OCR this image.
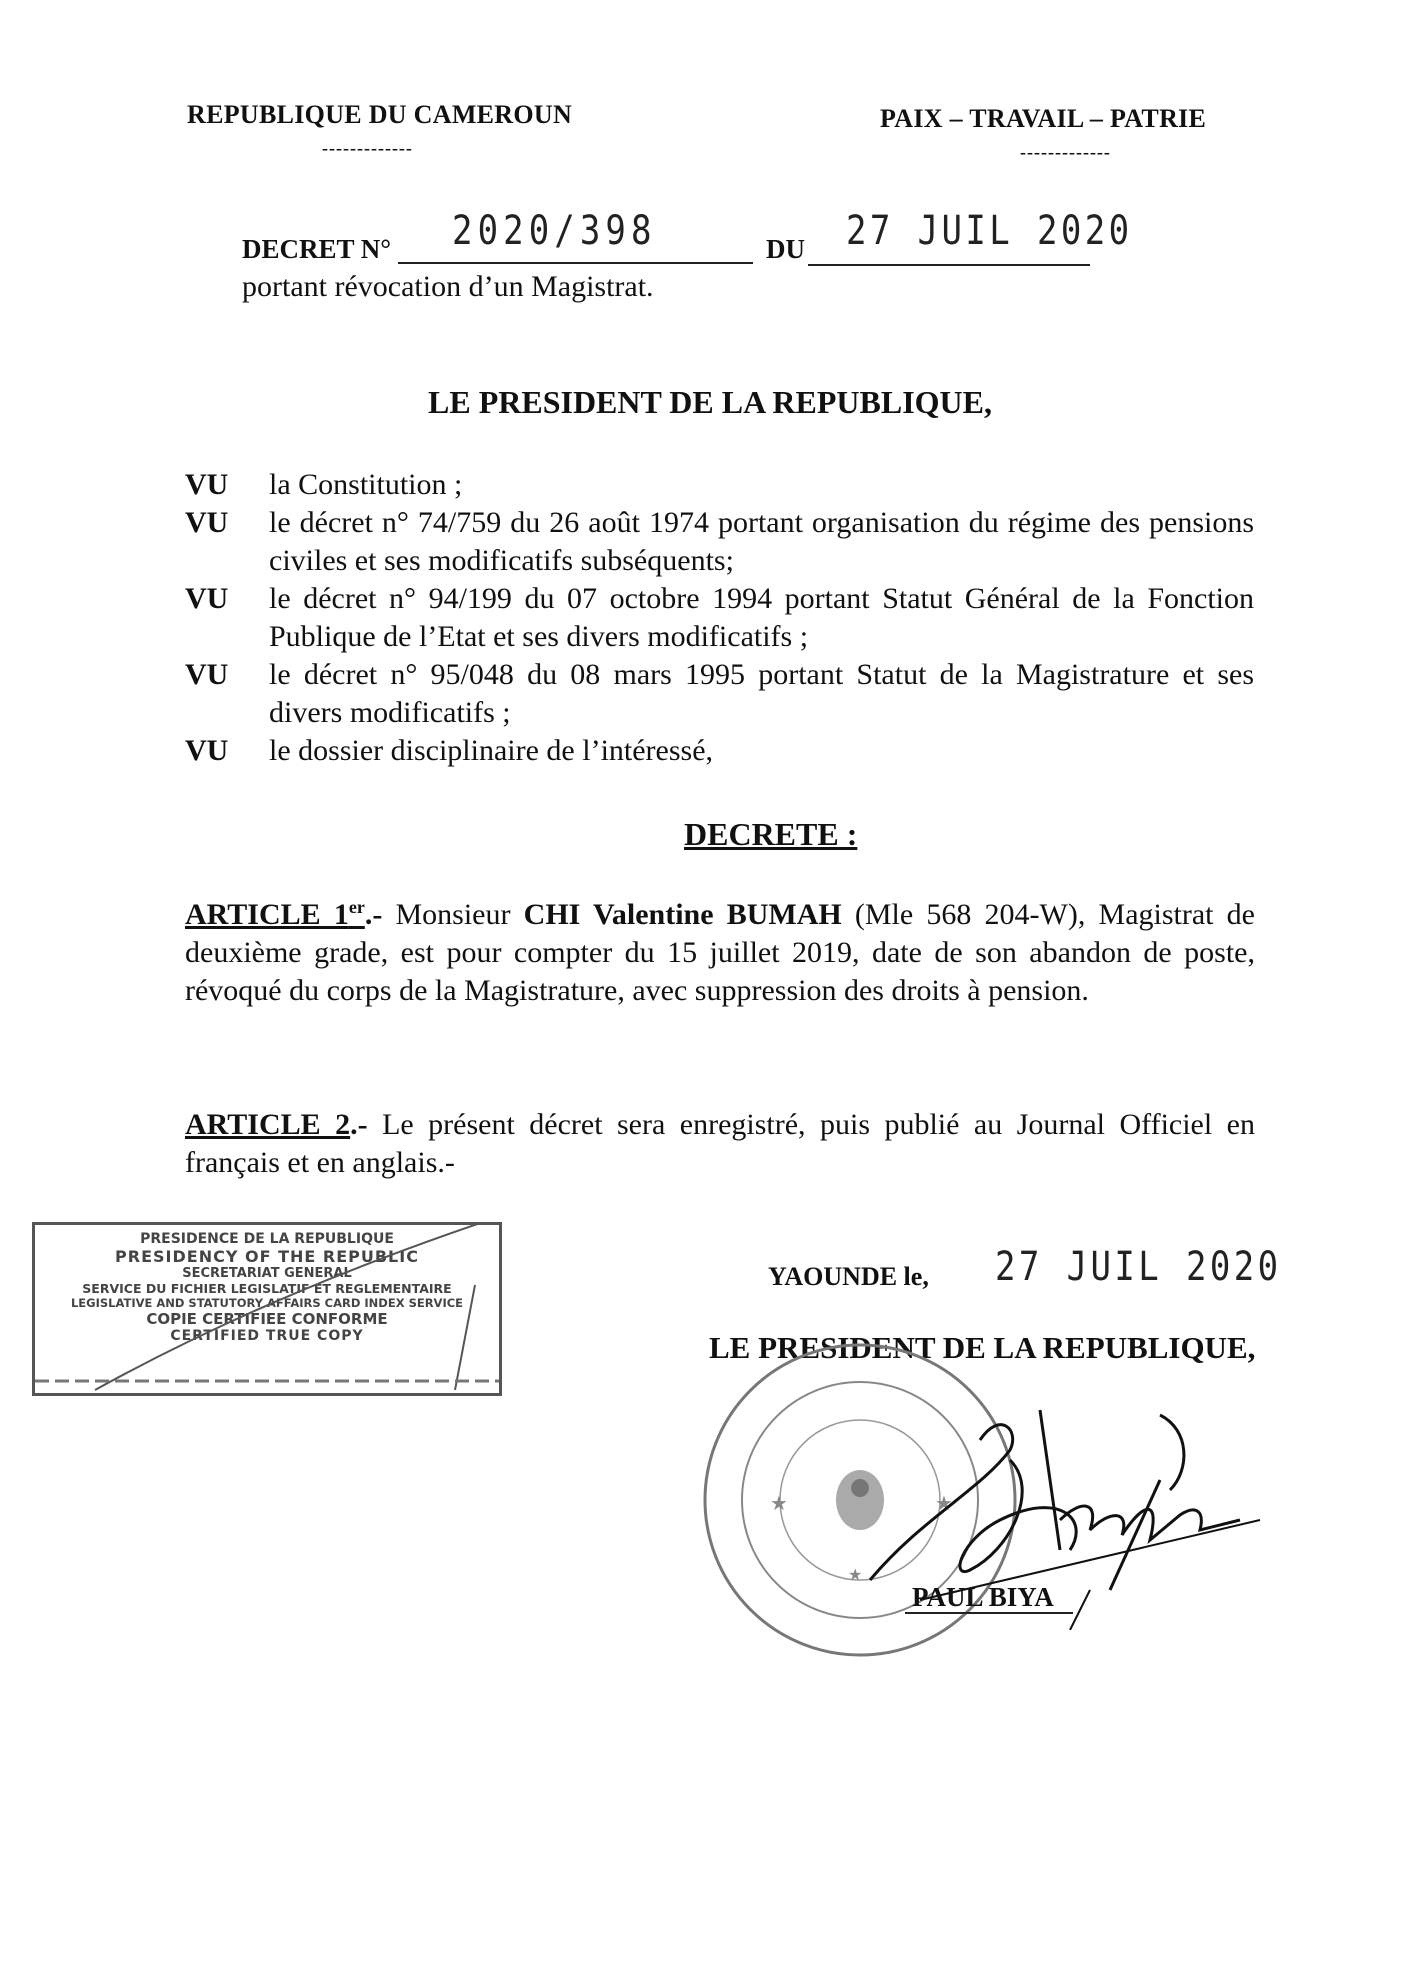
REPUBLIQUE DU CAMEROUN
-------------
PAIX – TRAVAIL – PATRIE
-------------
DECRET N° 2020/398	DU 27 JUIL 2020
portant révocation d’un Magistrat.
LE PRESIDENT DE LA REPUBLIQUE,
VU la Constitution ;
VU le décret n° 74/759 du 26 août 1974 portant organisation du régime des pensions civiles et ses modificatifs subséquents;
VU le décret n° 94/199 du 07 octobre 1994 portant Statut Général de la Fonction Publique de l’Etat et ses divers modificatifs ;
VU le décret n° 95/048 du 08 mars 1995 portant Statut de la Magistrature et ses divers modificatifs ;
VU le dossier disciplinaire de l’intéressé,
DECRETE :
ARTICLE 1er.- Monsieur CHI Valentine BUMAH (Mle 568 204-W), Magistrat de deuxième grade, est pour compter du 15 juillet 2019, date de son abandon de poste, révoqué du corps de la Magistrature, avec suppression des droits à pension.
ARTICLE 2.- Le présent décret sera enregistré, puis publié au Journal Officiel en français et en anglais.-
PRESIDENCE DE LA REPUBLIQUE
PRESIDENCY OF THE REPUBLIC
SECRETARIAT GENERAL
SERVICE DU FICHIER LEGISLATIF ET REGLEMENTAIRE
LEGISLATIVE AND STATUTORY AFFAIRS CARD INDEX SERVICE
COPIE CERTIFIEE CONFORME
CERTIFIED TRUE COPY
YAOUNDE le, 27 JUIL 2020
LE PRESIDENT DE LA REPUBLIQUE,
★	★
★
PAUL BIYA
